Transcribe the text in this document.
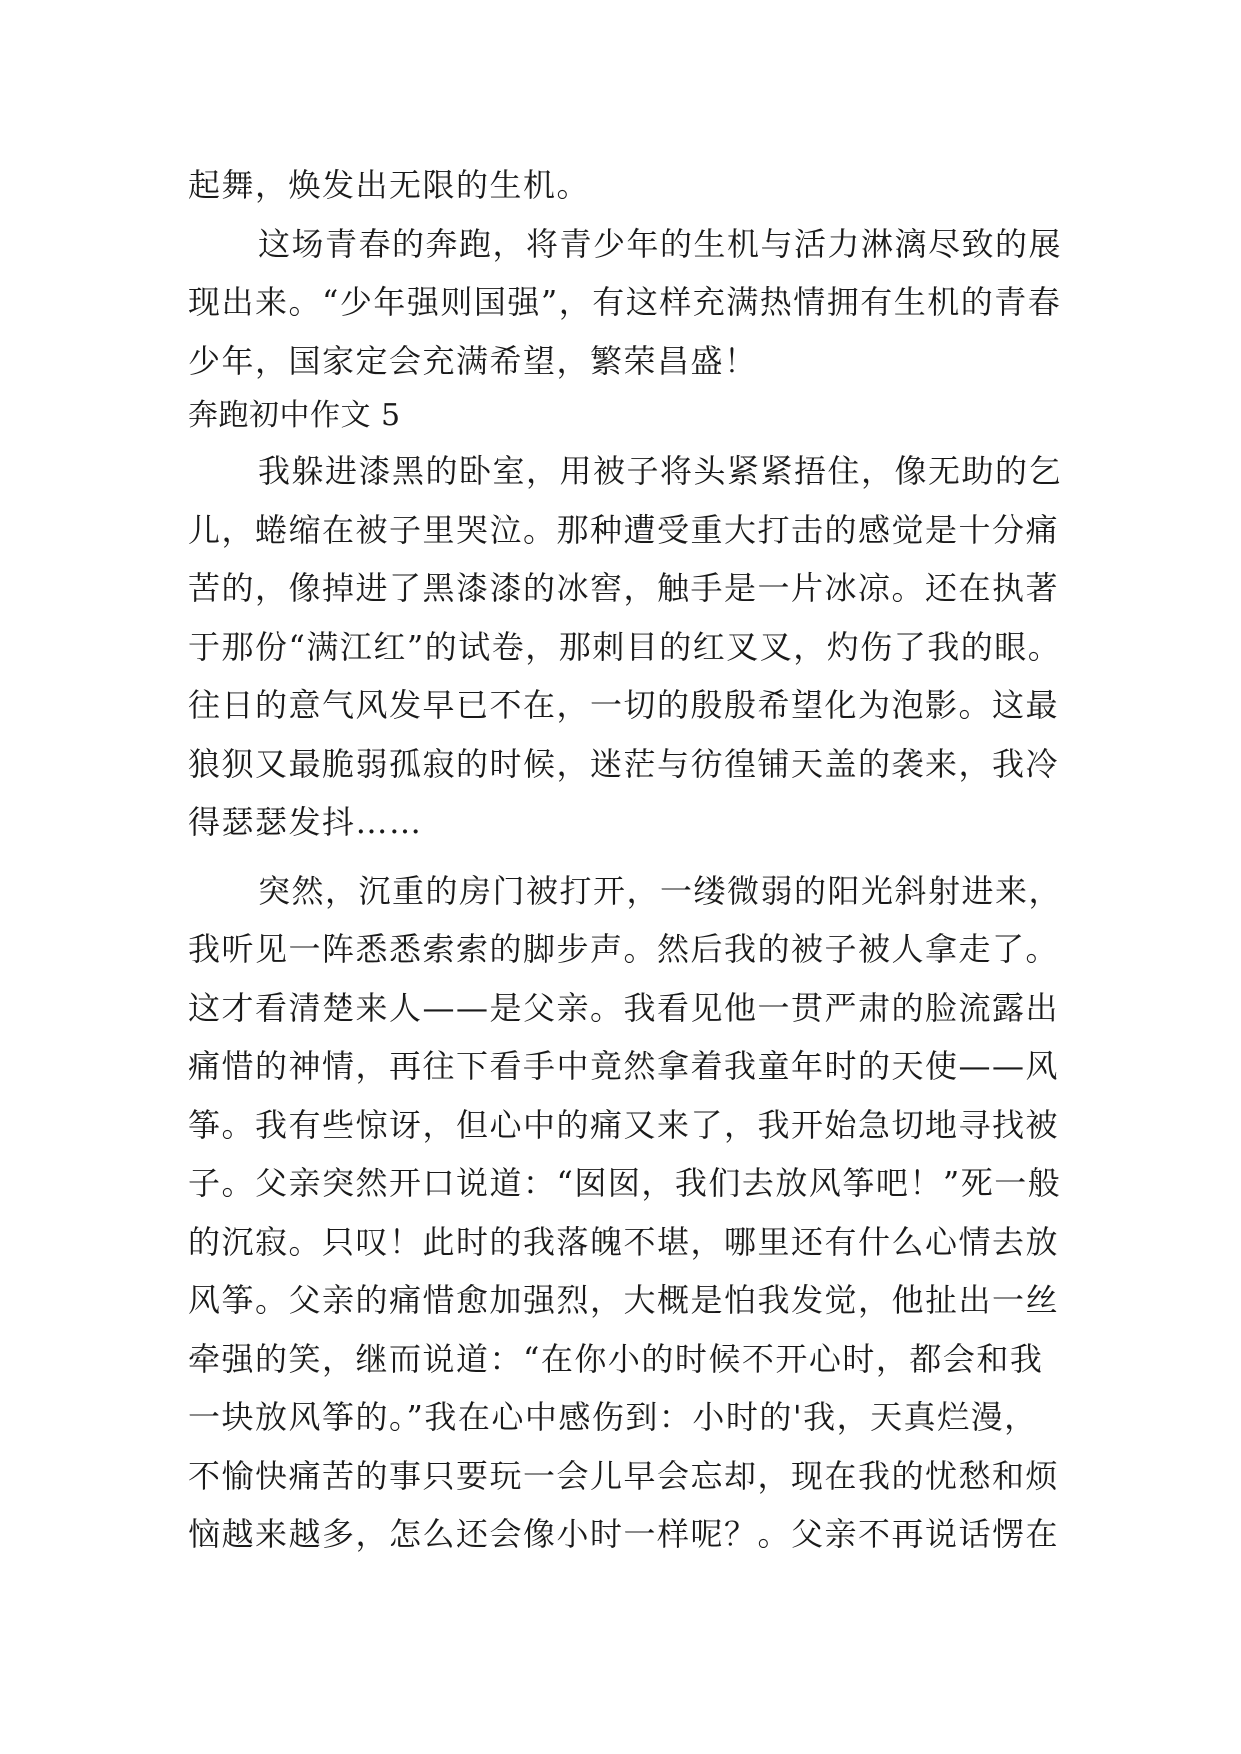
起舞，焕发出无限的生机。
这场青春的奔跑，将青少年的生机与活力淋漓尽致的展
现出来。“少年强则国强”，有这样充满热情拥有生机的青春
少年，国家定会充满希望，繁荣昌盛！
奔跑初中作文 5
我躲进漆黑的卧室，用被子将头紧紧捂住，像无助的乞
儿，蜷缩在被子里哭泣。那种遭受重大打击的感觉是十分痛
苦的，像掉进了黑漆漆的冰窖，触手是一片冰凉。还在执著
于那份“满江红”的试卷，那刺目的红叉叉，灼伤了我的眼。
往日的意气风发早已不在，一切的殷殷希望化为泡影。这最
狼狈又最脆弱孤寂的时候，迷茫与彷徨铺天盖的袭来，我冷
得瑟瑟发抖……
突然，沉重的房门被打开，一缕微弱的阳光斜射进来，
我听见一阵悉悉索索的脚步声。然后我的被子被人拿走了。
这才看清楚来人——是父亲。我看见他一贯严肃的脸流露出
痛惜的神情，再往下看手中竟然拿着我童年时的天使——风
筝。我有些惊讶，但心中的痛又来了，我开始急切地寻找被
子。父亲突然开口说道：“囡囡，我们去放风筝吧！”死一般
的沉寂。只叹！此时的我落魄不堪，哪里还有什么心情去放
风筝。父亲的痛惜愈加强烈，大概是怕我发觉，他扯出一丝
牵强的笑，继而说道：“在你小的时候不开心时，都会和我
一块放风筝的。”我在心中感伤到：小时的'我，天真烂漫，
不愉快痛苦的事只要玩一会儿早会忘却，现在我的忧愁和烦
恼越来越多，怎么还会像小时一样呢？。父亲不再说话愣在
